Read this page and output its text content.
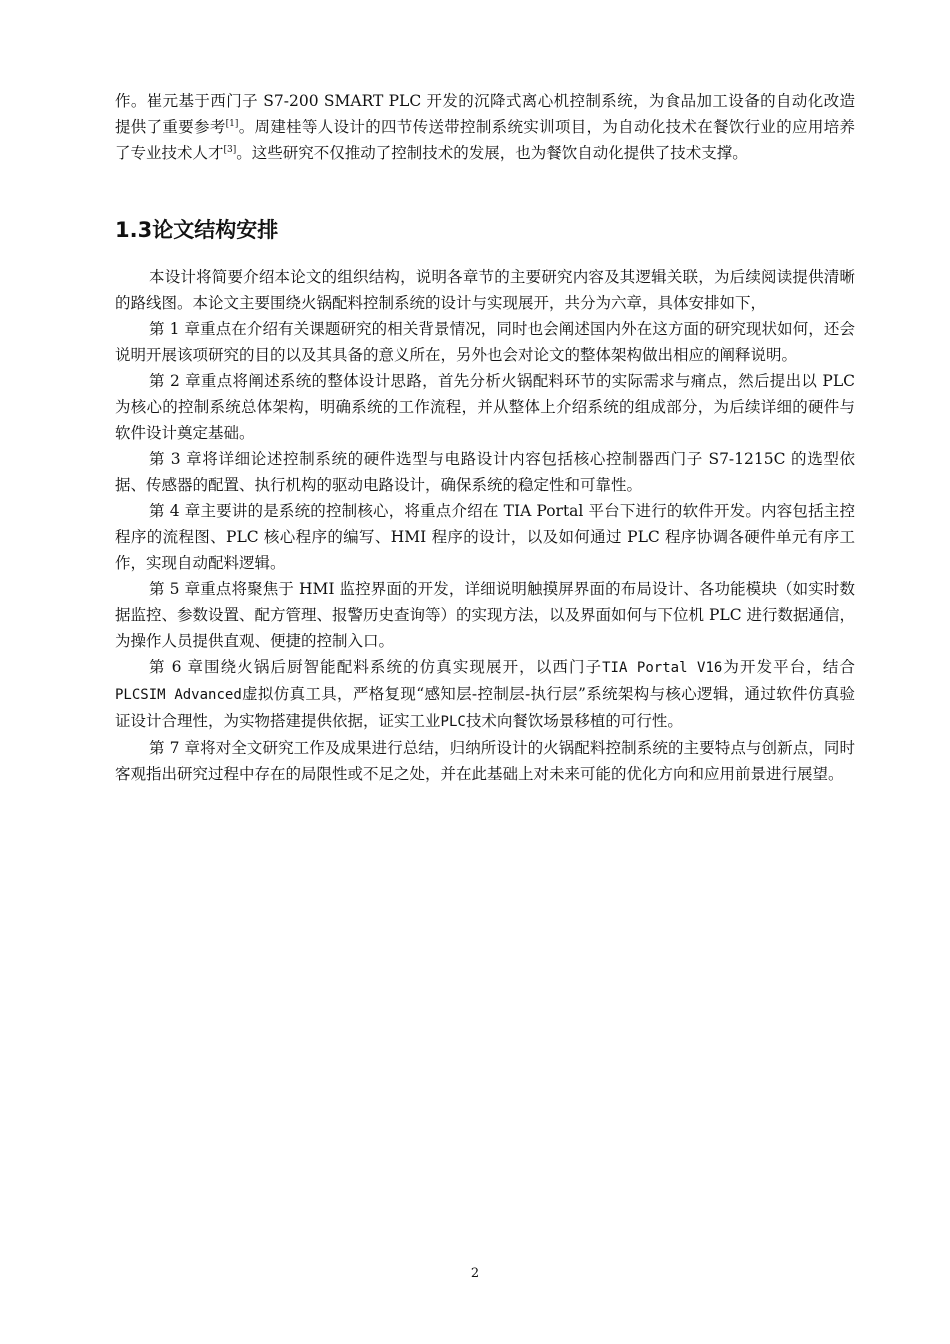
作。崔元基于西门子 S7-200 SMART PLC 开发的沉降式离心机控制系统，为食品加工设备的自动化改造提供了重要参考[1]。周建桂等人设计的四节传送带控制系统实训项目，为自动化技术在餐饮行业的应用培养了专业技术人才[3]。这些研究不仅推动了控制技术的发展，也为餐饮自动化提供了技术支撑。

1.3论文结构安排

本设计将简要介绍本论文的组织结构，说明各章节的主要研究内容及其逻辑关联，为后续阅读提供清晰的路线图。本论文主要围绕火锅配料控制系统的设计与实现展开，共分为六章，具体安排如下，

第 1 章重点在介绍有关课题研究的相关背景情况，同时也会阐述国内外在这方面的研究现状如何，还会说明开展该项研究的目的以及其具备的意义所在，另外也会对论文的整体架构做出相应的阐释说明。

第 2 章重点将阐述系统的整体设计思路，首先分析火锅配料环节的实际需求与痛点，然后提出以 PLC 为核心的控制系统总体架构，明确系统的工作流程，并从整体上介绍系统的组成部分，为后续详细的硬件与软件设计奠定基础。

第 3 章将详细论述控制系统的硬件选型与电路设计内容包括核心控制器西门子 S7-1215C 的选型依据、传感器的配置、执行机构的驱动电路设计，确保系统的稳定性和可靠性。

第 4 章主要讲的是系统的控制核心，将重点介绍在 TIA Portal 平台下进行的软件开发。内容包括主控程序的流程图、PLC 核心程序的编写、HMI 程序的设计，以及如何通过 PLC 程序协调各硬件单元有序工作，实现自动配料逻辑。

第 5 章重点将聚焦于 HMI 监控界面的开发，详细说明触摸屏界面的布局设计、各功能模块（如实时数据监控、参数设置、配方管理、报警历史查询等）的实现方法，以及界面如何与下位机 PLC 进行数据通信，为操作人员提供直观、便捷的控制入口。

第 6 章围绕火锅后厨智能配料系统的仿真实现展开，以西门子TIA Portal V16为开发平台，结合PLCSIM Advanced虚拟仿真工具，严格复现“感知层-控制层-执行层”系统架构与核心逻辑，通过软件仿真验证设计合理性，为实物搭建提供依据，证实工业PLC技术向餐饮场景移植的可行性。

第 7 章将对全文研究工作及成果进行总结，归纳所设计的火锅配料控制系统的主要特点与创新点，同时客观指出研究过程中存在的局限性或不足之处，并在此基础上对未来可能的优化方向和应用前景进行展望。

2
